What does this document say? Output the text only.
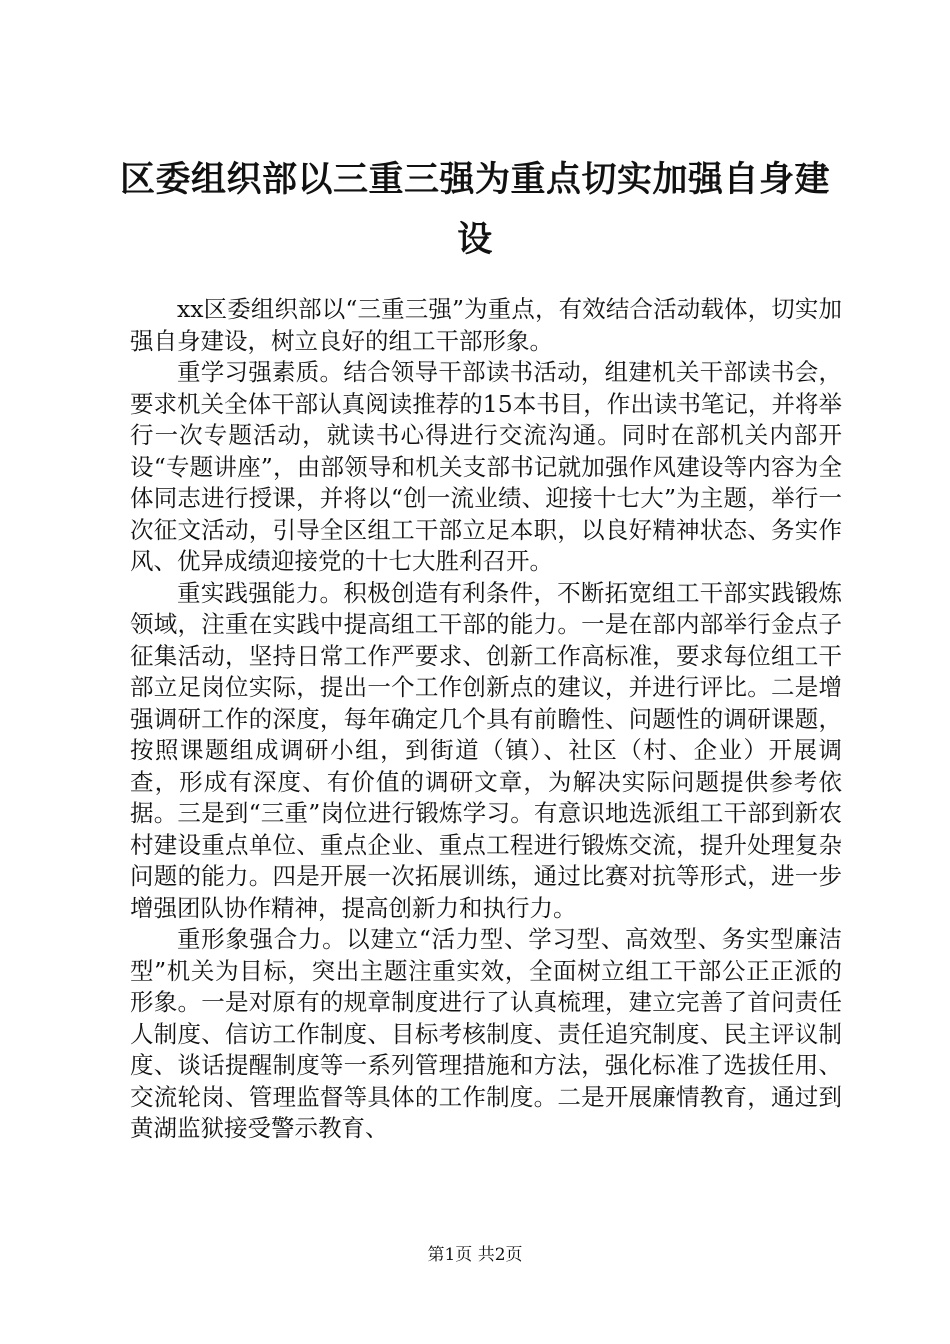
区委组织部以三重三强为重点切实加强自身建设

xx区委组织部以“三重三强”为重点，有效结合活动载体，切实加强自身建设，树立良好的组工干部形象。

重学习强素质。结合领导干部读书活动，组建机关干部读书会，要求机关全体干部认真阅读推荐的15本书目，作出读书笔记，并将举行一次专题活动，就读书心得进行交流沟通。同时在部机关内部开设“专题讲座”，由部领导和机关支部书记就加强作风建设等内容为全体同志进行授课，并将以“创一流业绩、迎接十七大”为主题，举行一次征文活动，引导全区组工干部立足本职，以良好精神状态、务实作风、优异成绩迎接党的十七大胜利召开。

重实践强能力。积极创造有利条件，不断拓宽组工干部实践锻炼领域，注重在实践中提高组工干部的能力。一是在部内部举行金点子征集活动，坚持日常工作严要求、创新工作高标准，要求每位组工干部立足岗位实际，提出一个工作创新点的建议，并进行评比。二是增强调研工作的深度，每年确定几个具有前瞻性、问题性的调研课题，按照课题组成调研小组，到街道（镇）、社区（村、企业）开展调查，形成有深度、有价值的调研文章，为解决实际问题提供参考依据。三是到“三重”岗位进行锻炼学习。有意识地选派组工干部到新农村建设重点单位、重点企业、重点工程进行锻炼交流，提升处理复杂问题的能力。四是开展一次拓展训练，通过比赛对抗等形式，进一步增强团队协作精神，提高创新力和执行力。

重形象强合力。以建立“活力型、学习型、高效型、务实型廉洁型”机关为目标，突出主题注重实效，全面树立组工干部公正正派的形象。一是对原有的规章制度进行了认真梳理，建立完善了首问责任人制度、信访工作制度、目标考核制度、责任追究制度、民主评议制度、谈话提醒制度等一系列管理措施和方法，强化标准了选拔任用、交流轮岗、管理监督等具体的工作制度。二是开展廉情教育，通过到黄湖监狱接受警示教育、

第1页 共2页
